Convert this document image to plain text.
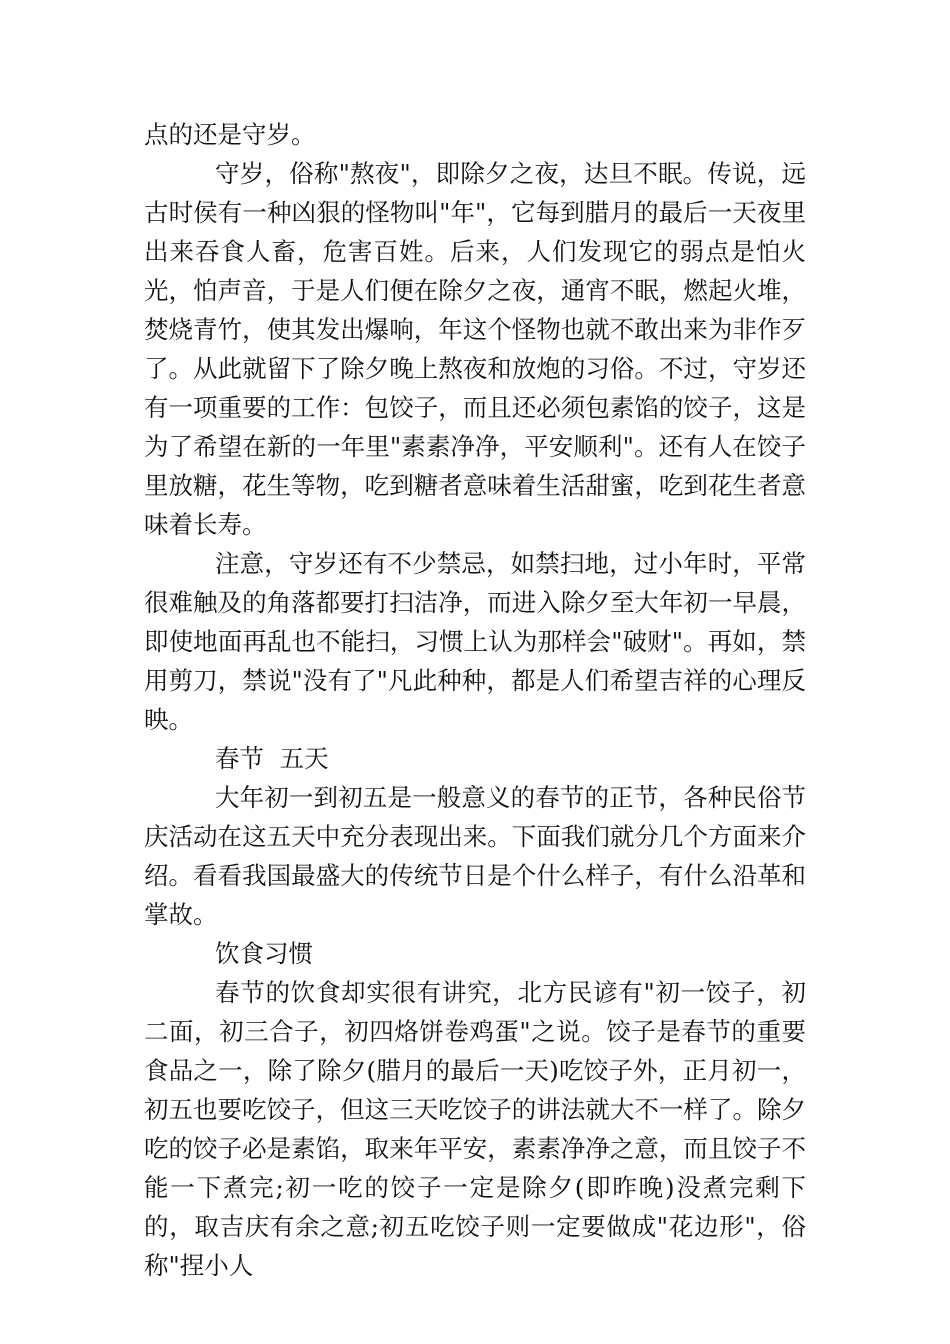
点的还是守岁。

守岁，俗称"熬夜"，即除夕之夜，达旦不眠。传说，远古时侯有一种凶狠的怪物叫"年"，它每到腊月的最后一天夜里出来吞食人畜，危害百姓。后来，人们发现它的弱点是怕火光，怕声音，于是人们便在除夕之夜，通宵不眠，燃起火堆，焚烧青竹，使其发出爆响，年这个怪物也就不敢出来为非作歹了。从此就留下了除夕晚上熬夜和放炮的习俗。不过，守岁还有一项重要的工作：包饺子，而且还必须包素馅的饺子，这是为了希望在新的一年里"素素净净，平安顺利"。还有人在饺子里放糖，花生等物，吃到糖者意味着生活甜蜜，吃到花生者意味着长寿。

注意，守岁还有不少禁忌，如禁扫地，过小年时，平常很难触及的角落都要打扫洁净，而进入除夕至大年初一早晨，即使地面再乱也不能扫，习惯上认为那样会"破财"。再如，禁用剪刀，禁说"没有了"凡此种种，都是人们希望吉祥的心理反映。

春节  五天

大年初一到初五是一般意义的春节的正节，各种民俗节庆活动在这五天中充分表现出来。下面我们就分几个方面来介绍。看看我国最盛大的传统节日是个什么样子，有什么沿革和掌故。

饮食习惯

春节的饮食却实很有讲究，北方民谚有"初一饺子，初二面，初三合子，初四烙饼卷鸡蛋"之说。饺子是春节的重要食品之一，除了除夕(腊月的最后一天)吃饺子外，正月初一，初五也要吃饺子，但这三天吃饺子的讲法就大不一样了。除夕吃的饺子必是素馅，取来年平安，素素净净之意，而且饺子不能一下煮完;初一吃的饺子一定是除夕(即昨晚)没煮完剩下的，取吉庆有余之意;初五吃饺子则一定要做成"花边形"，俗称"捏小人
